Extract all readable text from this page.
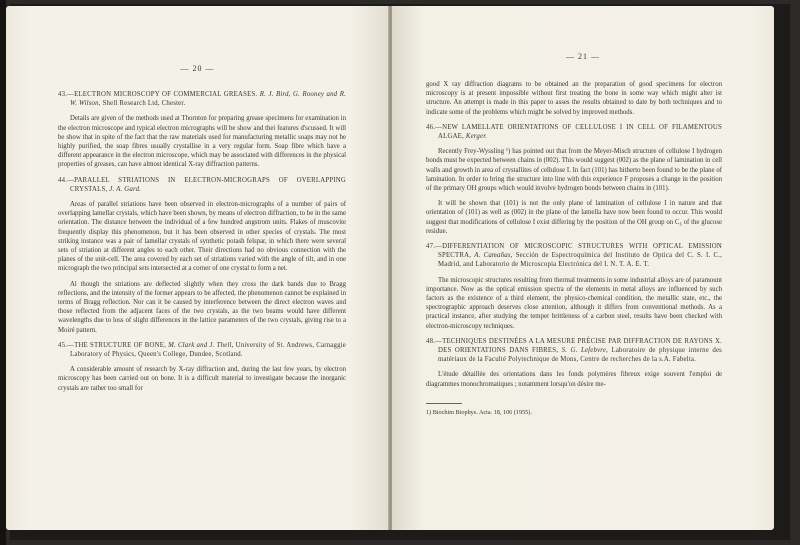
— 20 —
43.—ELECTRON MICROSCOPY OF COMMERCIAL GREASES. R. J. Bird, G. Rooney and R. W. Wilson, Shell Research Ltd, Chester.

Details are given of the methods used at Thornton for preparing grease specimens for examination in the electron microscope and typical electron micrographs will be show and thei features d'scussed. It will be show that in spite of the fact that the raw materials used for manufacturing metallic soaps may not be highly purified, the soap fibres usually crystallise in a very regular form. Soap fibre which have a different appearance in the electron microscope, which may be associated with differences in the physical properties of greases, can have almost identical X-ray diffraction patterns.

44.—PARALLEL STRIATIONS IN ELECTRON-MICROGRAPS OF OVERLAPPING CRYSTALS, J. A. Gard.

Areas of parallel striations have been observed in electron-micrographs of a number of pairs of overlapping lamellar crystals, which have been shown, by means of electron diffraction, to be in the same orientation. The distance between the individual of a few hundred angstrom units. Flakes of muscovite frequently display this phenomenon, but it has been observed in other species of crystals. The most striking instance was a pair of lamellar crystals of synthetic potash felspar, in which there were several sets of striation at different angles to each other. Their directions had no obvious connection with the planes of the unit-cell. The area covered by each set of striations varied with the angle of tilt, and in one micrograph the two principal sets intersected at a corner of one crystal to form a net.

Al though the striations are deflected slightly when they cross the dark bands due to Bragg reflections, and the intensity of the former appears to be affected, the phenomenon cannot be explained in terms of Bragg reflection. Nor can it be caused by interference between the direct electron waves and those reflected from the adjacent faces of the two crystals, as the two beams would have different wavelengths due to loss of slight differences in the lattice parameters of the two crystals, giving rise to a Moiré pattern.

45.—THE STRUCTURE OF BONE, M. Clark and J. Thell, University of St. Andrews, Carnaggie Laboratory of Physics, Queen's College, Dundee, Scotland.

A considerable amount of research by X-ray diffraction and, during the last few years, by electron microscopy has been carried out on bone. It is a difficult material to investigate because the inorganic crystals are rather too small for

— 21 —

good X ray diffraction diagrams to be obtained an the preparation of good specimens for electron microscopy is at present impossible without first treating the bone in some way which might alter ist structure. An attempt is made in this paper to asses the results obtained to date by both techniques and to indicate some of the problems which might be solved by improved methods.

46.—NEW LAMELLATE ORIENTATIONS OF CELLULOSE I IN CELL OF FILAMENTOUS ALGAE, Kerger.

Recently Frey-Wyssling ¹) has pointed out that from the Meyer-Misch structure of cellulose I hydrogen bonds must be expected between chains in (002). This would suggest (002) as the plane of lamination in cell walls and growth in area of crystallites of cellulose I. In fact (101) has hitherto been found to be the plane of lamination. In order to bring the structure into line with this experience F proposes a change in the position of the primary OH groups which would involve hydrogen bonds between chains in (101).

It will be shown that (101) is not the only plane of lamination of cellulose I in nature and that orientation of (101) as well as (002) in the plane of the lamella have now been found to occur. This would suggest that modifications of cellulose I exist differing by the position of the OH group on C₆ of the glucose residue.

47.—DIFFERENTIATION OF MICROSCOPIC STRUCTURES WITH OPTICAL EMISSION SPECTRA, A. Camañas, Sección de Espectroquímica del Instituto de Optica del C. S. I. C., Madrid, and Laboratorio de Microscopia Electrónica del I. N. T. A. E. T.

The microscopic structures resulting from thermal treatments in some industrial alloys are of paramount importance. Now as the optical emission spectra of the elements in metal alloys are influenced by such factors as the existence of a third element, the physico-chemical condition, the metallic state, etc., the spectrographic approach deserves close attention, although it differs from conventional methods. As a practical instance, after studying the temper brittleness of a carbon steel, results have been checked with electron-microscopy techniques.

48.—TECHNIQUES DESTINÉES A LA MESURE PRÉCISE PAR DIFFRACTION DE RAYONS X. DES ORIENTATIONS DANS FIBRES, S. G. Lefebvre, Laboratoire de physique interne des matériaux de la Faculté Polytechnique de Mons, Centre de recherches de la s.A. Fabelta.

L'étude détaillée des orientations dans les fonds polymères fibreux exige souvent l'emploi de diagrammes monochromatiques ; notamment lorsqu'on désire me-

1) Biochim Biophys. Acta. 18, 106 (1955).
